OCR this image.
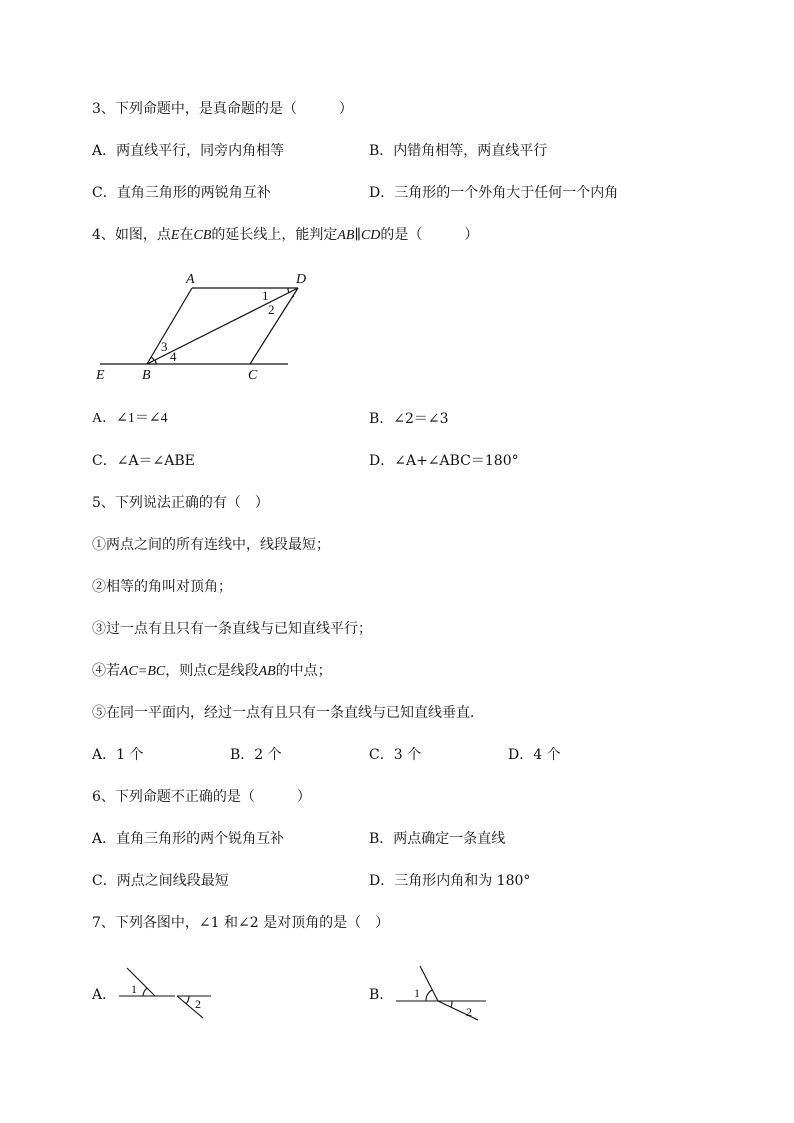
3、下列命题中，是真命题的是（　　　）
A．两直线平行，同旁内角相等	B．内错角相等，两直线平行
C．直角三角形的两锐角互补	D．三角形的一个外角大于任何一个内角
4、如图，点E在CB的延长线上，能判定AB∥CD的是（　　　）
A	D
E	B	C
1
2
3
4
A．∠1＝∠4	B．∠2＝∠3
C．∠A＝∠ABE	D．∠A+∠ABC＝180°
5、下列说法正确的有（　）
①两点之间的所有连线中，线段最短；
②相等的角叫对顶角；
③过一点有且只有一条直线与已知直线平行；
④若AC=BC，则点C是线段AB的中点；
⑤在同一平面内，经过一点有且只有一条直线与已知直线垂直．
A．1 个	B．2 个	C．3 个	D．4 个
6、下列命题不正确的是（　　　）
A．直角三角形的两个锐角互补	B．两点确定一条直线
C．两点之间线段最短	D．三角形内角和为 180°
7、下列各图中，∠1 和∠2 是对顶角的是（　）
A． 1
2
B． 1
2
